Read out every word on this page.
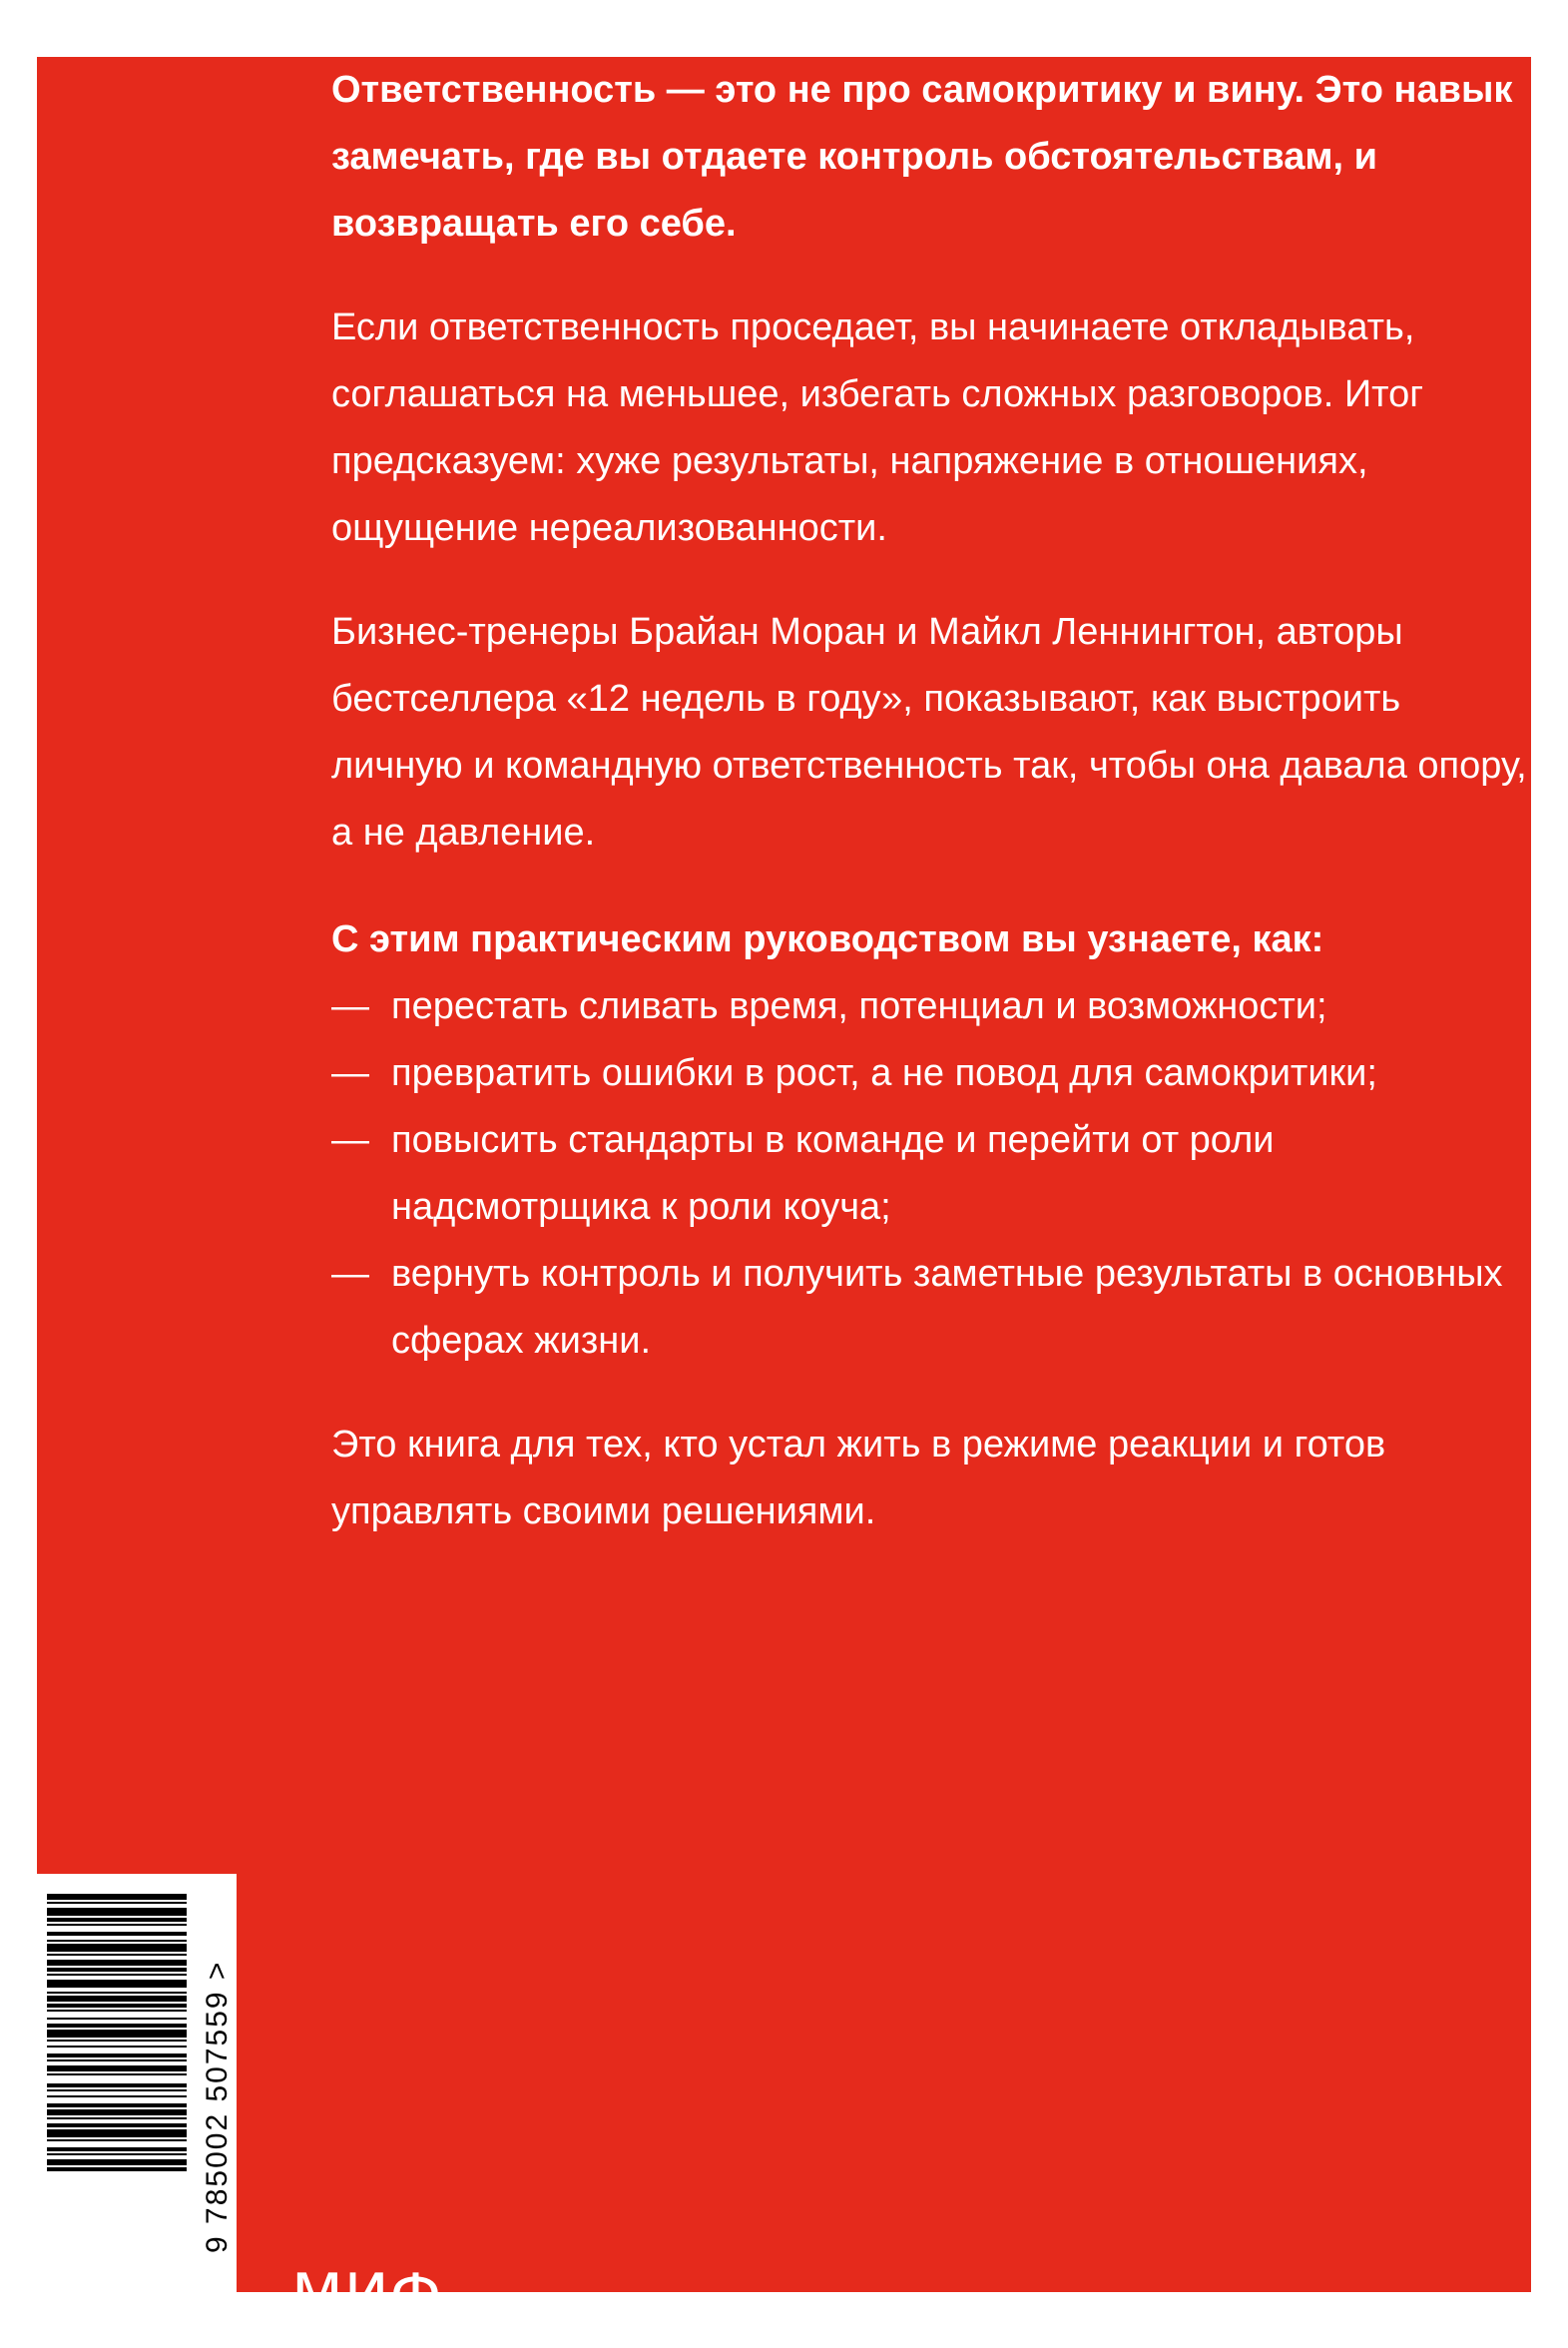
Ответственность — это не про самокритику и вину. Это навык замечать, где вы отдаете контроль обстоятельствам, и возвращать его себе.

Если ответственность проседает, вы начинаете откладывать, соглашаться на меньшее, избегать сложных разговоров. Итог предсказуем: хуже результаты, напряжение в отношениях, ощущение нереализованности.

Бизнес-тренеры Брайан Моран и Майкл Леннингтон, авторы бестселлера «12 недель в году», показывают, как выстроить личную и командную ответственность так, чтобы она давала опору, а не давление.

С этим практическим руководством вы узнаете, как:

— перестать сливать время, потенциал и возможности;
— превратить ошибки в рост, а не повод для самокритики;
— повысить стандарты в команде и перейти от роли надсмотрщика к роли коуча;
— вернуть контроль и получить заметные результаты в основных сферах жизни.

Это книга для тех, кто устал жить в режиме реакции и готов управлять своими решениями.

9 785002 507559 >
МИФ
